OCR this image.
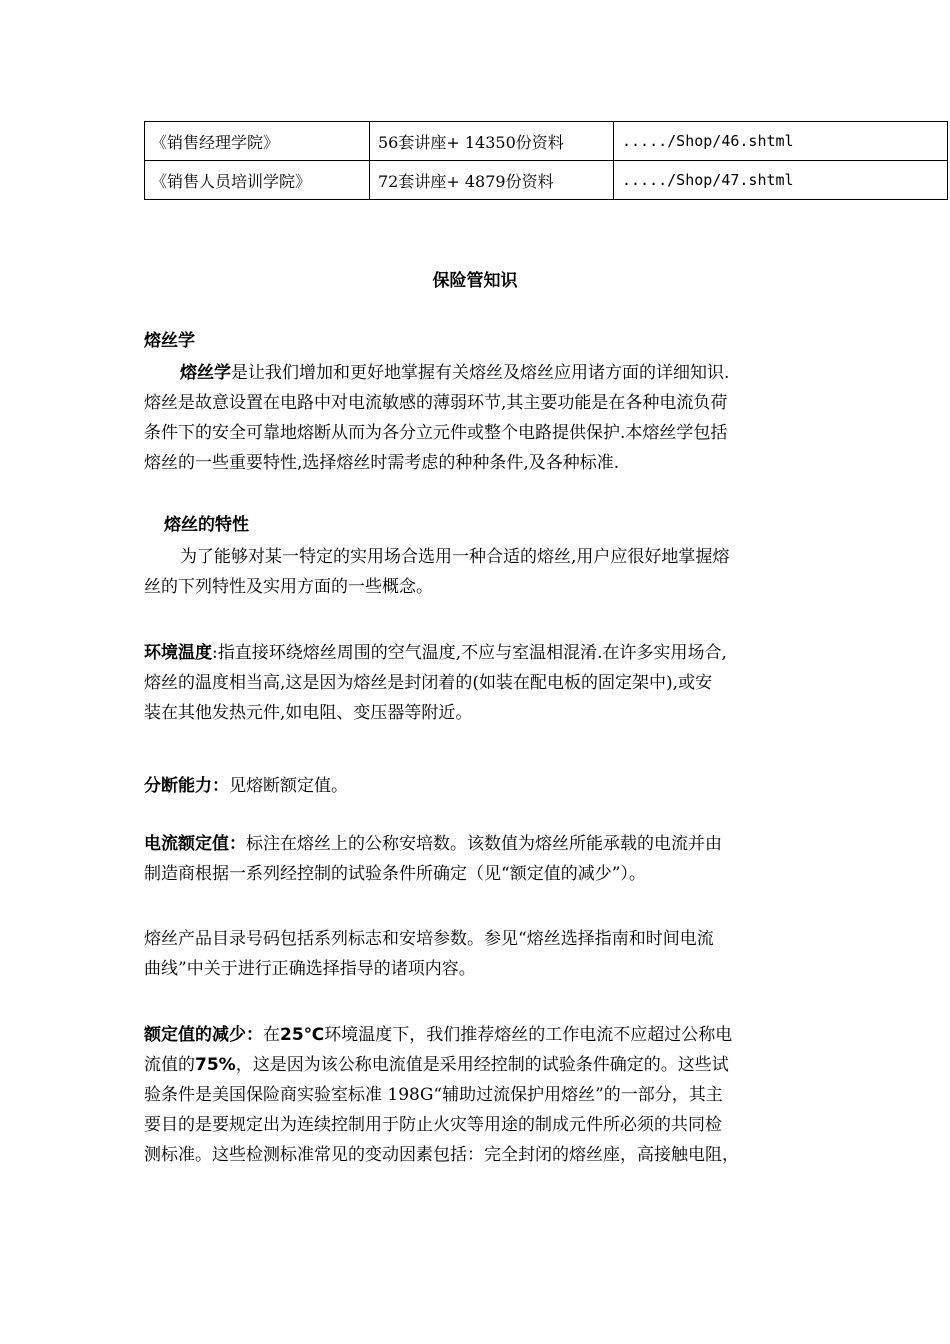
《销售经理学院》	56套讲座+ 14350份资料	...../Shop/46.shtml
《销售人员培训学院》	72套讲座+ 4879份资料	...../Shop/47.shtml
保险管知识
熔丝学
熔丝学是让我们增加和更好地掌握有关熔丝及熔丝应用诸方面的详细知识.
熔丝是故意设置在电路中对电流敏感的薄弱环节,其主要功能是在各种电流负荷
条件下的安全可靠地熔断从而为各分立元件或整个电路提供保护.本熔丝学包括
熔丝的一些重要特性,选择熔丝时需考虑的种种条件,及各种标准.
熔丝的特性
为了能够对某一特定的实用场合选用一种合适的熔丝,用户应很好地掌握熔
丝的下列特性及实用方面的一些概念。
环境温度:指直接环绕熔丝周围的空气温度,不应与室温相混淆.在许多实用场合,
熔丝的温度相当高,这是因为熔丝是封闭着的(如装在配电板的固定架中),或安
装在其他发热元件,如电阻、变压器等附近。
分断能力：见熔断额定值。
电流额定值：标注在熔丝上的公称安培数。该数值为熔丝所能承载的电流并由
制造商根据一系列经控制的试验条件所确定（见“额定值的减少”）。
熔丝产品目录号码包括系列标志和安培参数。参见“熔丝选择指南和时间电流
曲线”中关于进行正确选择指导的诸项内容。
额定值的减少：在25℃环境温度下，我们推荐熔丝的工作电流不应超过公称电
流值的75%，这是因为该公称电流值是采用经控制的试验条件确定的。这些试
验条件是美国保险商实验室标准 198G“辅助过流保护用熔丝”的一部分，其主
要目的是要规定出为连续控制用于防止火灾等用途的制成元件所必须的共同检
测标准。这些检测标准常见的变动因素包括：完全封闭的熔丝座，高接触电阻，
